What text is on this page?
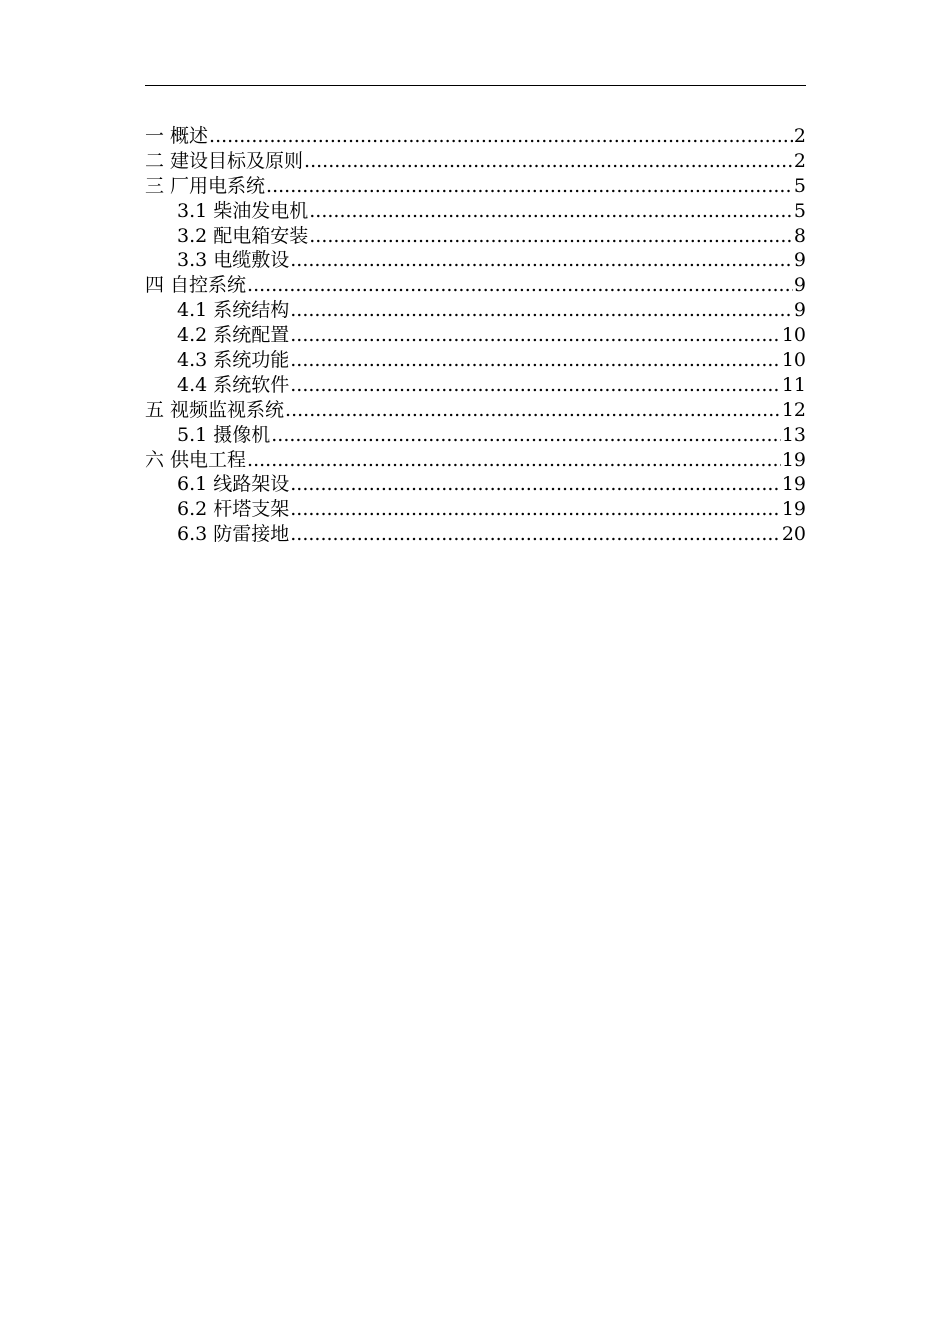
一 概述 .....	2
二 建设目标及原则 .....	2
三 厂用电系统 .....	5
3.1 柴油发电机 .....	5
3.2 配电箱安装 .....	8
3.3 电缆敷设 .....	9
四 自控系统 .....	9
4.1 系统结构 .....	9
4.2 系统配置 .....	10
4.3 系统功能 .....	10
4.4 系统软件 .....	11
五 视频监视系统 .....	12
5.1 摄像机 .....	13
六 供电工程 .....	19
6.1 线路架设 .....	19
6.2 杆塔支架 .....	19
6.3 防雷接地 .....	20
